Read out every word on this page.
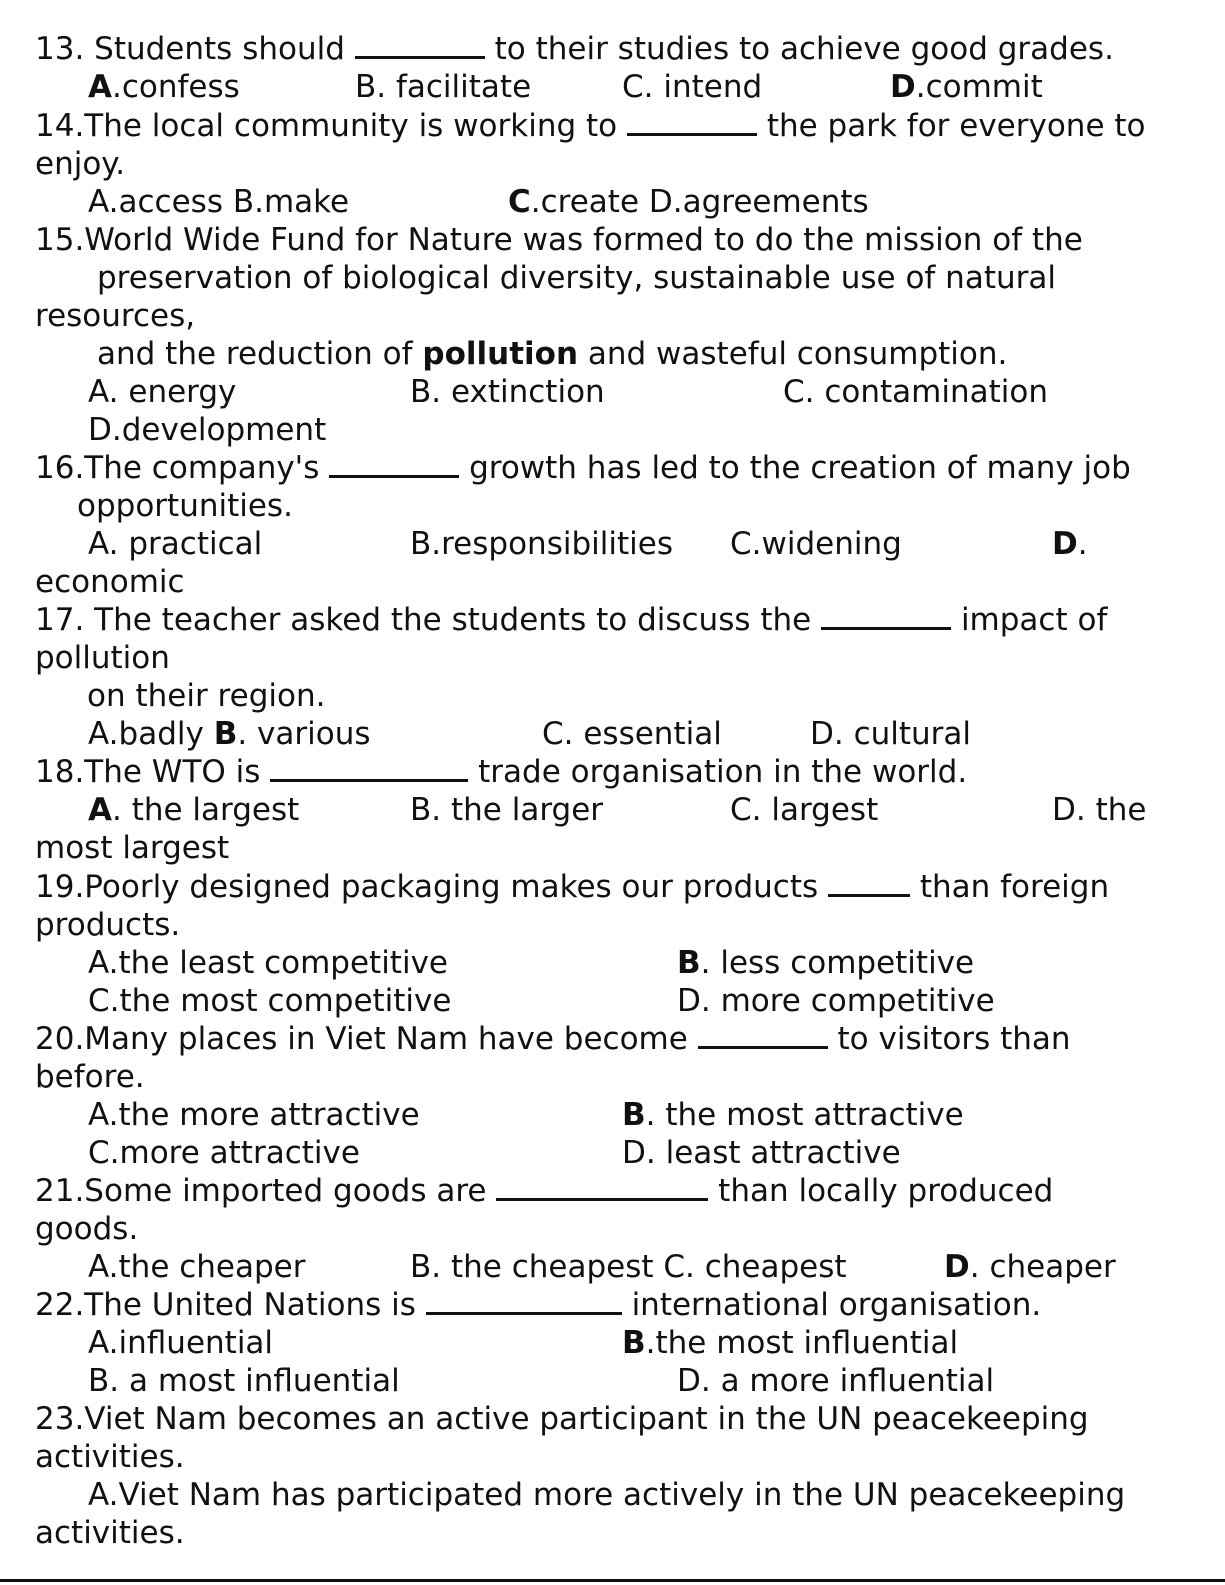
13. Students should	to their studies to achieve good grades.
A.confess	B. facilitate	C. intend	D.commit
14.The local community is working to	the park for everyone to
enjoy.
A.access B.make	C.create D.agreements
15.World Wide Fund for Nature was formed to do the mission of the
preservation of biological diversity, sustainable use of natural
resources,
and the reduction of pollution and wasteful consumption.
A. energy	B. extinction	C. contamination
D.development
16.The company's	growth has led to the creation of many job
opportunities.
A. practical	B.responsibilities C.widening	D.
economic
17. The teacher asked the students to discuss the	impact of
pollution
on their region.
A.badly B. various	C. essential	D. cultural
18.The WTO is	trade organisation in the world.
A. the largest	B. the larger	C. largest	D. the
most largest
19.Poorly designed packaging makes our products	than foreign
products.
A.the least competitive	B. less competitive
C.the most competitive	D. more competitive
20.Many places in Viet Nam have become	to visitors than
before.
A.the more attractive	B. the most attractive
C.more attractive	D. least attractive
21.Some imported goods are	than locally produced
goods.
A.the cheaper	B. the cheapest C. cheapest	D. cheaper
22.The United Nations is	international organisation.
A.influential	B.the most influential
B. a most influential	D. a more influential
23.Viet Nam becomes an active participant in the UN peacekeeping
activities.
A.Viet Nam has participated more actively in the UN peacekeeping
activities.
